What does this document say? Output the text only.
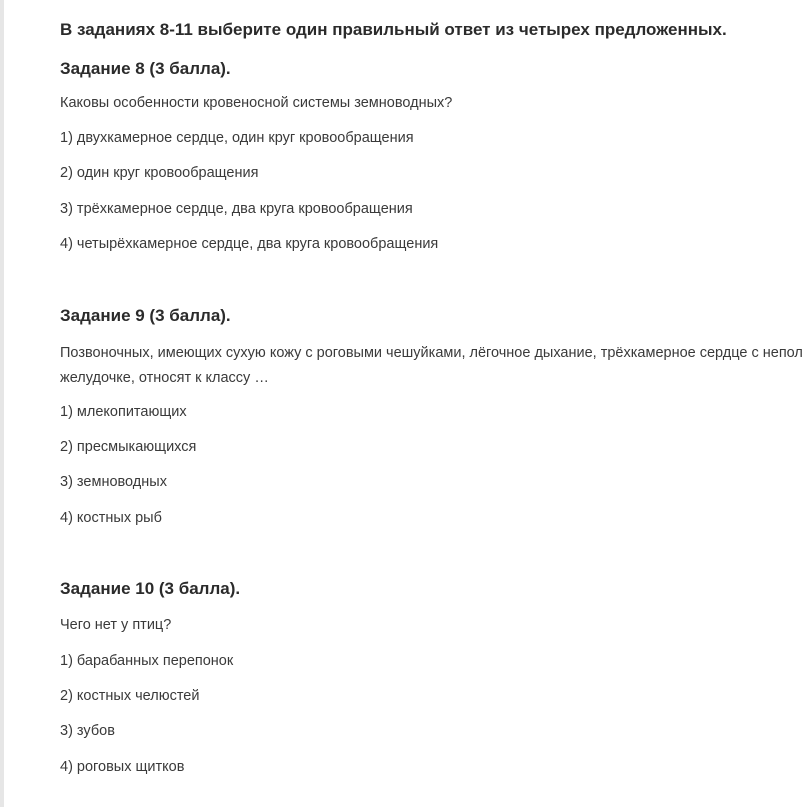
В заданиях 8-11 выберите один правильный ответ из четырех предложенных.
Задание 8 (3 балла).
Каковы особенности кровеносной системы земноводных?
1) двухкамерное сердце, один круг кровообращения
2) один круг кровообращения
3) трёхкамерное сердце, два круга кровообращения
4) четырёхкамерное сердце, два круга кровообращения
Задание 9 (3 балла).
Позвоночных, имеющих сухую кожу с роговыми чешуйками, лёгочное дыхание, трёхкамерное сердце с непол
желудочке, относят к классу …
1) млекопитающих
2) пресмыкающихся
3) земноводных
4) костных рыб
Задание 10 (3 балла).
Чего нет у птиц?
1) барабанных перепонок
2) костных челюстей
3) зубов
4) роговых щитков
